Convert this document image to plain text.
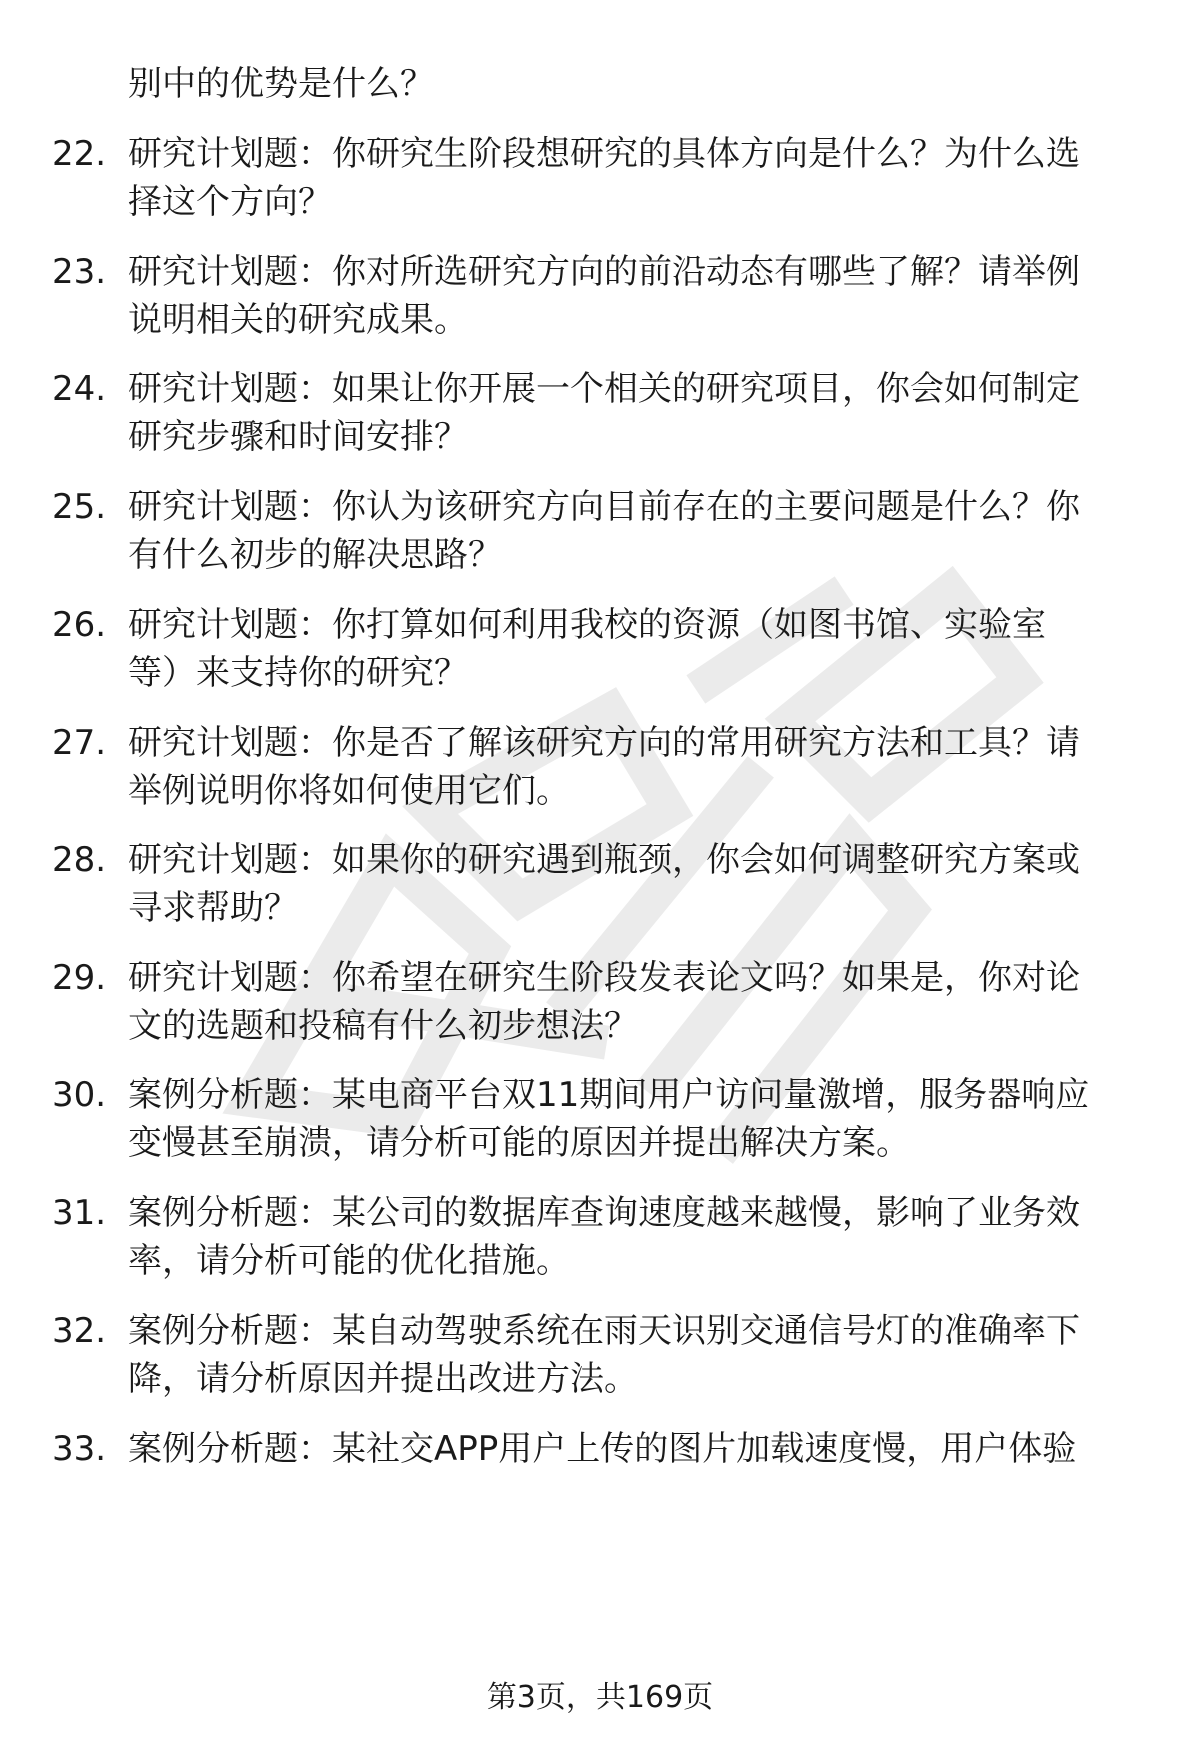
别中的优势是什么？
22. 研究计划题：你研究生阶段想研究的具体方向是什么？为什么选
择这个方向？
23. 研究计划题：你对所选研究方向的前沿动态有哪些了解？请举例
说明相关的研究成果。
24. 研究计划题：如果让你开展一个相关的研究项目，你会如何制定
研究步骤和时间安排？
25. 研究计划题：你认为该研究方向目前存在的主要问题是什么？你
有什么初步的解决思路？
26. 研究计划题：你打算如何利用我校的资源（如图书馆、实验室
等）来支持你的研究？
27. 研究计划题：你是否了解该研究方向的常用研究方法和工具？请
举例说明你将如何使用它们。
28. 研究计划题：如果你的研究遇到瓶颈，你会如何调整研究方案或
寻求帮助？
29. 研究计划题：你希望在研究生阶段发表论文吗？如果是，你对论
文的选题和投稿有什么初步想法？
30. 案例分析题：某电商平台双11期间用户访问量激增，服务器响应
变慢甚至崩溃，请分析可能的原因并提出解决方案。
31. 案例分析题：某公司的数据库查询速度越来越慢，影响了业务效
率，请分析可能的优化措施。
32. 案例分析题：某自动驾驶系统在雨天识别交通信号灯的准确率下
降，请分析原因并提出改进方法。
33. 案例分析题：某社交APP用户上传的图片加载速度慢，用户体验
第3页，共169页
